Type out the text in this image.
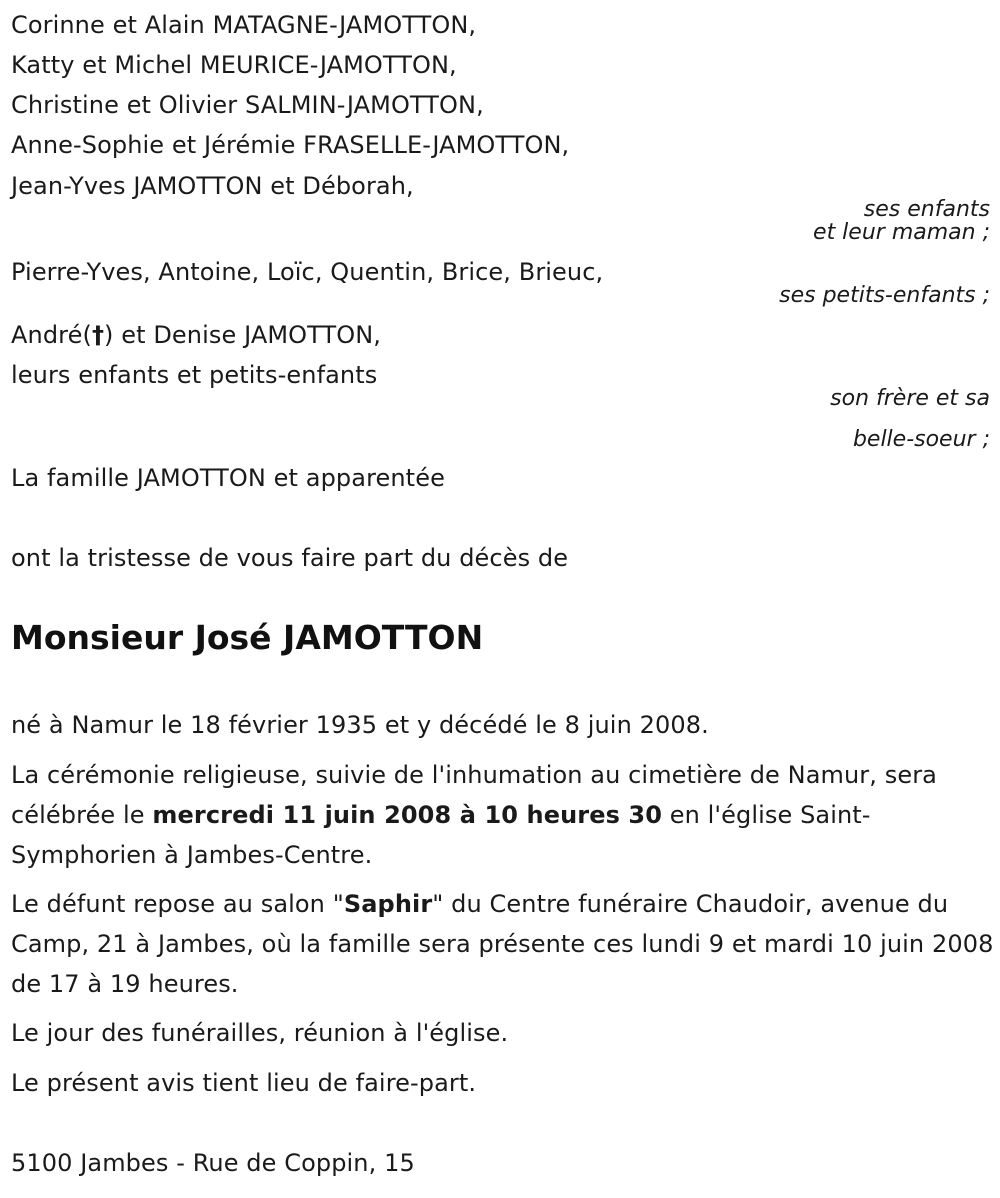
Corinne et Alain MATAGNE-JAMOTTON,
Katty et Michel MEURICE-JAMOTTON,
Christine et Olivier SALMIN-JAMOTTON,
Anne-Sophie et Jérémie FRASELLE-JAMOTTON,
Jean-Yves JAMOTTON et Déborah,
ses enfants
et leur maman ;
Pierre-Yves, Antoine, Loïc, Quentin, Brice, Brieuc,
ses petits-enfants ;
André(†) et Denise JAMOTTON,
leurs enfants et petits-enfants
son frère et sa
belle-soeur ;
La famille JAMOTTON et apparentée
ont la tristesse de vous faire part du décès de
Monsieur José JAMOTTON
né à Namur le 18 février 1935 et y décédé le 8 juin 2008.
La cérémonie religieuse, suivie de l'inhumation au cimetière de Namur, sera célébrée le mercredi 11 juin 2008 à 10 heures 30 en l'église Saint-Symphorien à Jambes-Centre.
Le défunt repose au salon "Saphir" du Centre funéraire Chaudoir, avenue du Camp, 21 à Jambes, où la famille sera présente ces lundi 9 et mardi 10 juin 2008 de 17 à 19 heures.
Le jour des funérailles, réunion à l'église.
Le présent avis tient lieu de faire-part.
5100 Jambes - Rue de Coppin, 15
